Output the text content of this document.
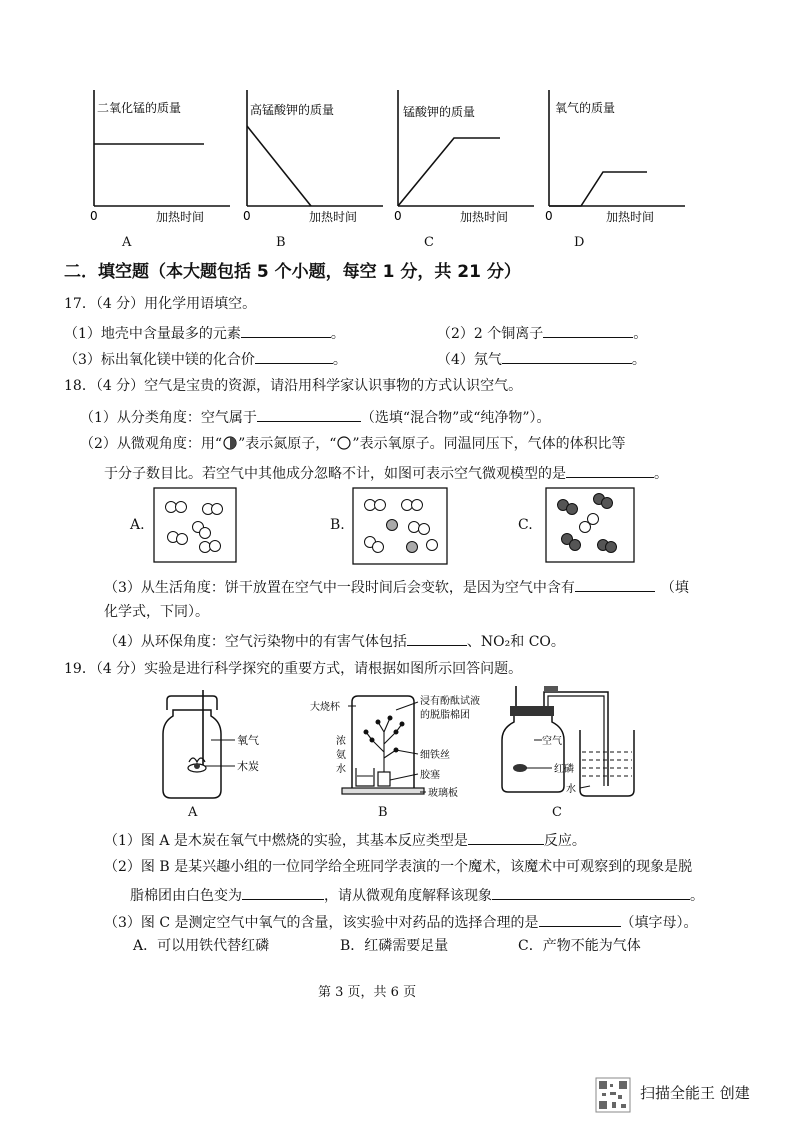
二氧化锰的质量
0	加热时间
高锰酸钾的质量
0	加热时间
锰酸钾的质量
0	加热时间
氧气的质量
0	加热时间
A	B	C	D
二．填空题（本大题包括 5 个小题，每空 1 分，共 21 分）
17．（4 分）用化学用语填空。
（1）地壳中含量最多的元素	。	（2）2 个铜离子	。
（3）标出氧化镁中镁的化合价	。	（4）氖气	。
18．（4 分）空气是宝贵的资源，请沿用科学家认识事物的方式认识空气。
（1）从分类角度：空气属于	（选填“混合物”或“纯净物”）。
（2）从微观角度：用“ ”表示氮原子，“ ”表示氧原子。同温同压下，气体的体积比等
于分子数目比。若空气中其他成分忽略不计，如图可表示空气微观模型的是	。
A.	B.	C.
（3）从生活角度：饼干放置在空气中一段时间后会变软，是因为空气中含有	（填
化学式，下同）。
（4）从环保角度：空气污染物中的有害气体包括	、NO₂和 CO。
19．（4 分）实验是进行科学探究的重要方式，请根据如图所示回答问题。
氧气
木炭
A
大烧杯
浓
氨
水
浸有酚酞试液
的脱脂棉团
细铁丝
胶塞
玻璃板
B
空气
红磷
水
C
（1）图 A 是木炭在氧气中燃烧的实验，其基本反应类型是	反应。
（2）图 B 是某兴趣小组的一位同学给全班同学表演的一个魔术，该魔术中可观察到的现象是脱
脂棉团由白色变为	，请从微观角度解释该现象	。
（3）图 C 是测定空气中氧气的含量，该实验中对药品的选择合理的是	（填字母）。
A．可以用铁代替红磷	B．红磷需要足量	C．产物不能为气体
第 3 页，共 6 页
扫描全能王 创建
